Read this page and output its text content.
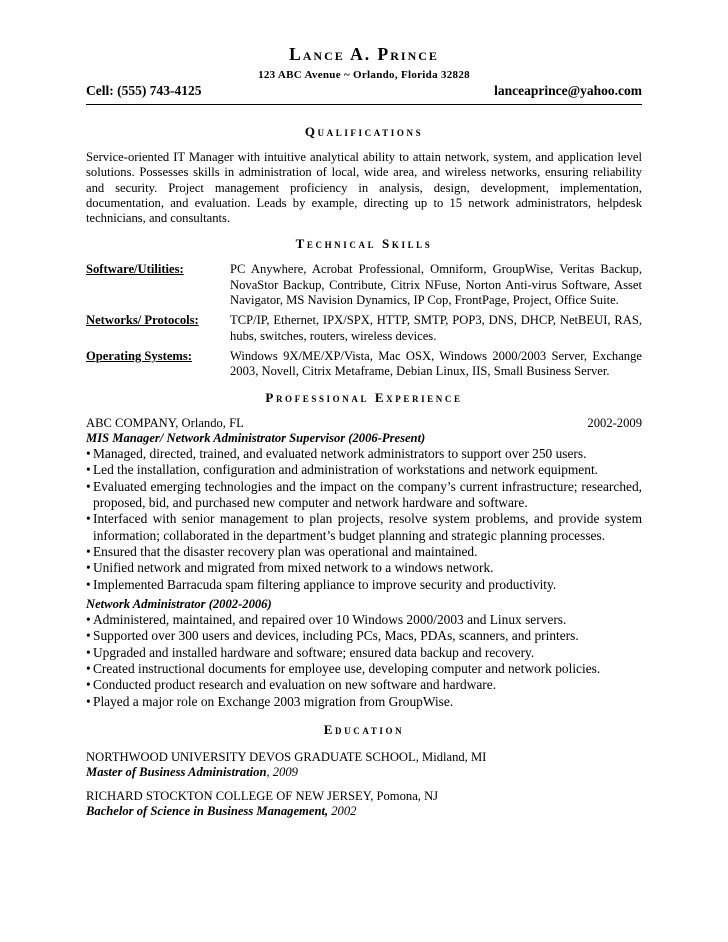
Lance A. Prince
123 ABC Avenue ~ Orlando, Florida 32828
Cell: (555) 743-4125	lanceaprince@yahoo.com
Qualifications

Service-oriented IT Manager with intuitive analytical ability to attain network, system, and application level solutions. Possesses skills in administration of local, wide area, and wireless networks, ensuring reliability and security. Project management proficiency in analysis, design, development, implementation, documentation, and evaluation. Leads by example, directing up to 15 network administrators, helpdesk technicians, and consultants.

Technical Skills
Software/Utilities:	PC Anywhere, Acrobat Professional, Omniform, GroupWise, Veritas Backup, NovaStor Backup, Contribute, Citrix NFuse, Norton Anti-virus Software, Asset Navigator, MS Navision Dynamics, IP Cop, FrontPage, Project, Office Suite.
Networks/ Protocols:	TCP/IP, Ethernet, IPX/SPX, HTTP, SMTP, POP3, DNS, DHCP, NetBEUI, RAS, hubs, switches, routers, wireless devices.
Operating Systems:	Windows 9X/ME/XP/Vista, Mac OSX, Windows 2000/2003 Server, Exchange 2003, Novell, Citrix Metaframe, Debian Linux, IIS, Small Business Server.
Professional Experience
ABC COMPANY, Orlando, FL	2002-2009
MIS Manager/ Network Administrator Supervisor (2006-Present)
• Managed, directed, trained, and evaluated network administrators to support over 250 users.
• Led the installation, configuration and administration of workstations and network equipment.
• Evaluated emerging technologies and the impact on the company’s current infrastructure; researched, proposed, bid, and purchased new computer and network hardware and software.
• Interfaced with senior management to plan projects, resolve system problems, and provide system information; collaborated in the department’s budget planning and strategic planning processes.
• Ensured that the disaster recovery plan was operational and maintained.
• Unified network and migrated from mixed network to a windows network.
• Implemented Barracuda spam filtering appliance to improve security and productivity.
Network Administrator (2002-2006)
• Administered, maintained, and repaired over 10 Windows 2000/2003 and Linux servers.
• Supported over 300 users and devices, including PCs, Macs, PDAs, scanners, and printers.
• Upgraded and installed hardware and software; ensured data backup and recovery.
• Created instructional documents for employee use, developing computer and network policies.
• Conducted product research and evaluation on new software and hardware.
• Played a major role on Exchange 2003 migration from GroupWise.
Education
NORTHWOOD UNIVERSITY DEVOS GRADUATE SCHOOL, Midland, MI
Master of Business Administration, 2009
RICHARD STOCKTON COLLEGE OF NEW JERSEY, Pomona, NJ
Bachelor of Science in Business Management, 2002
